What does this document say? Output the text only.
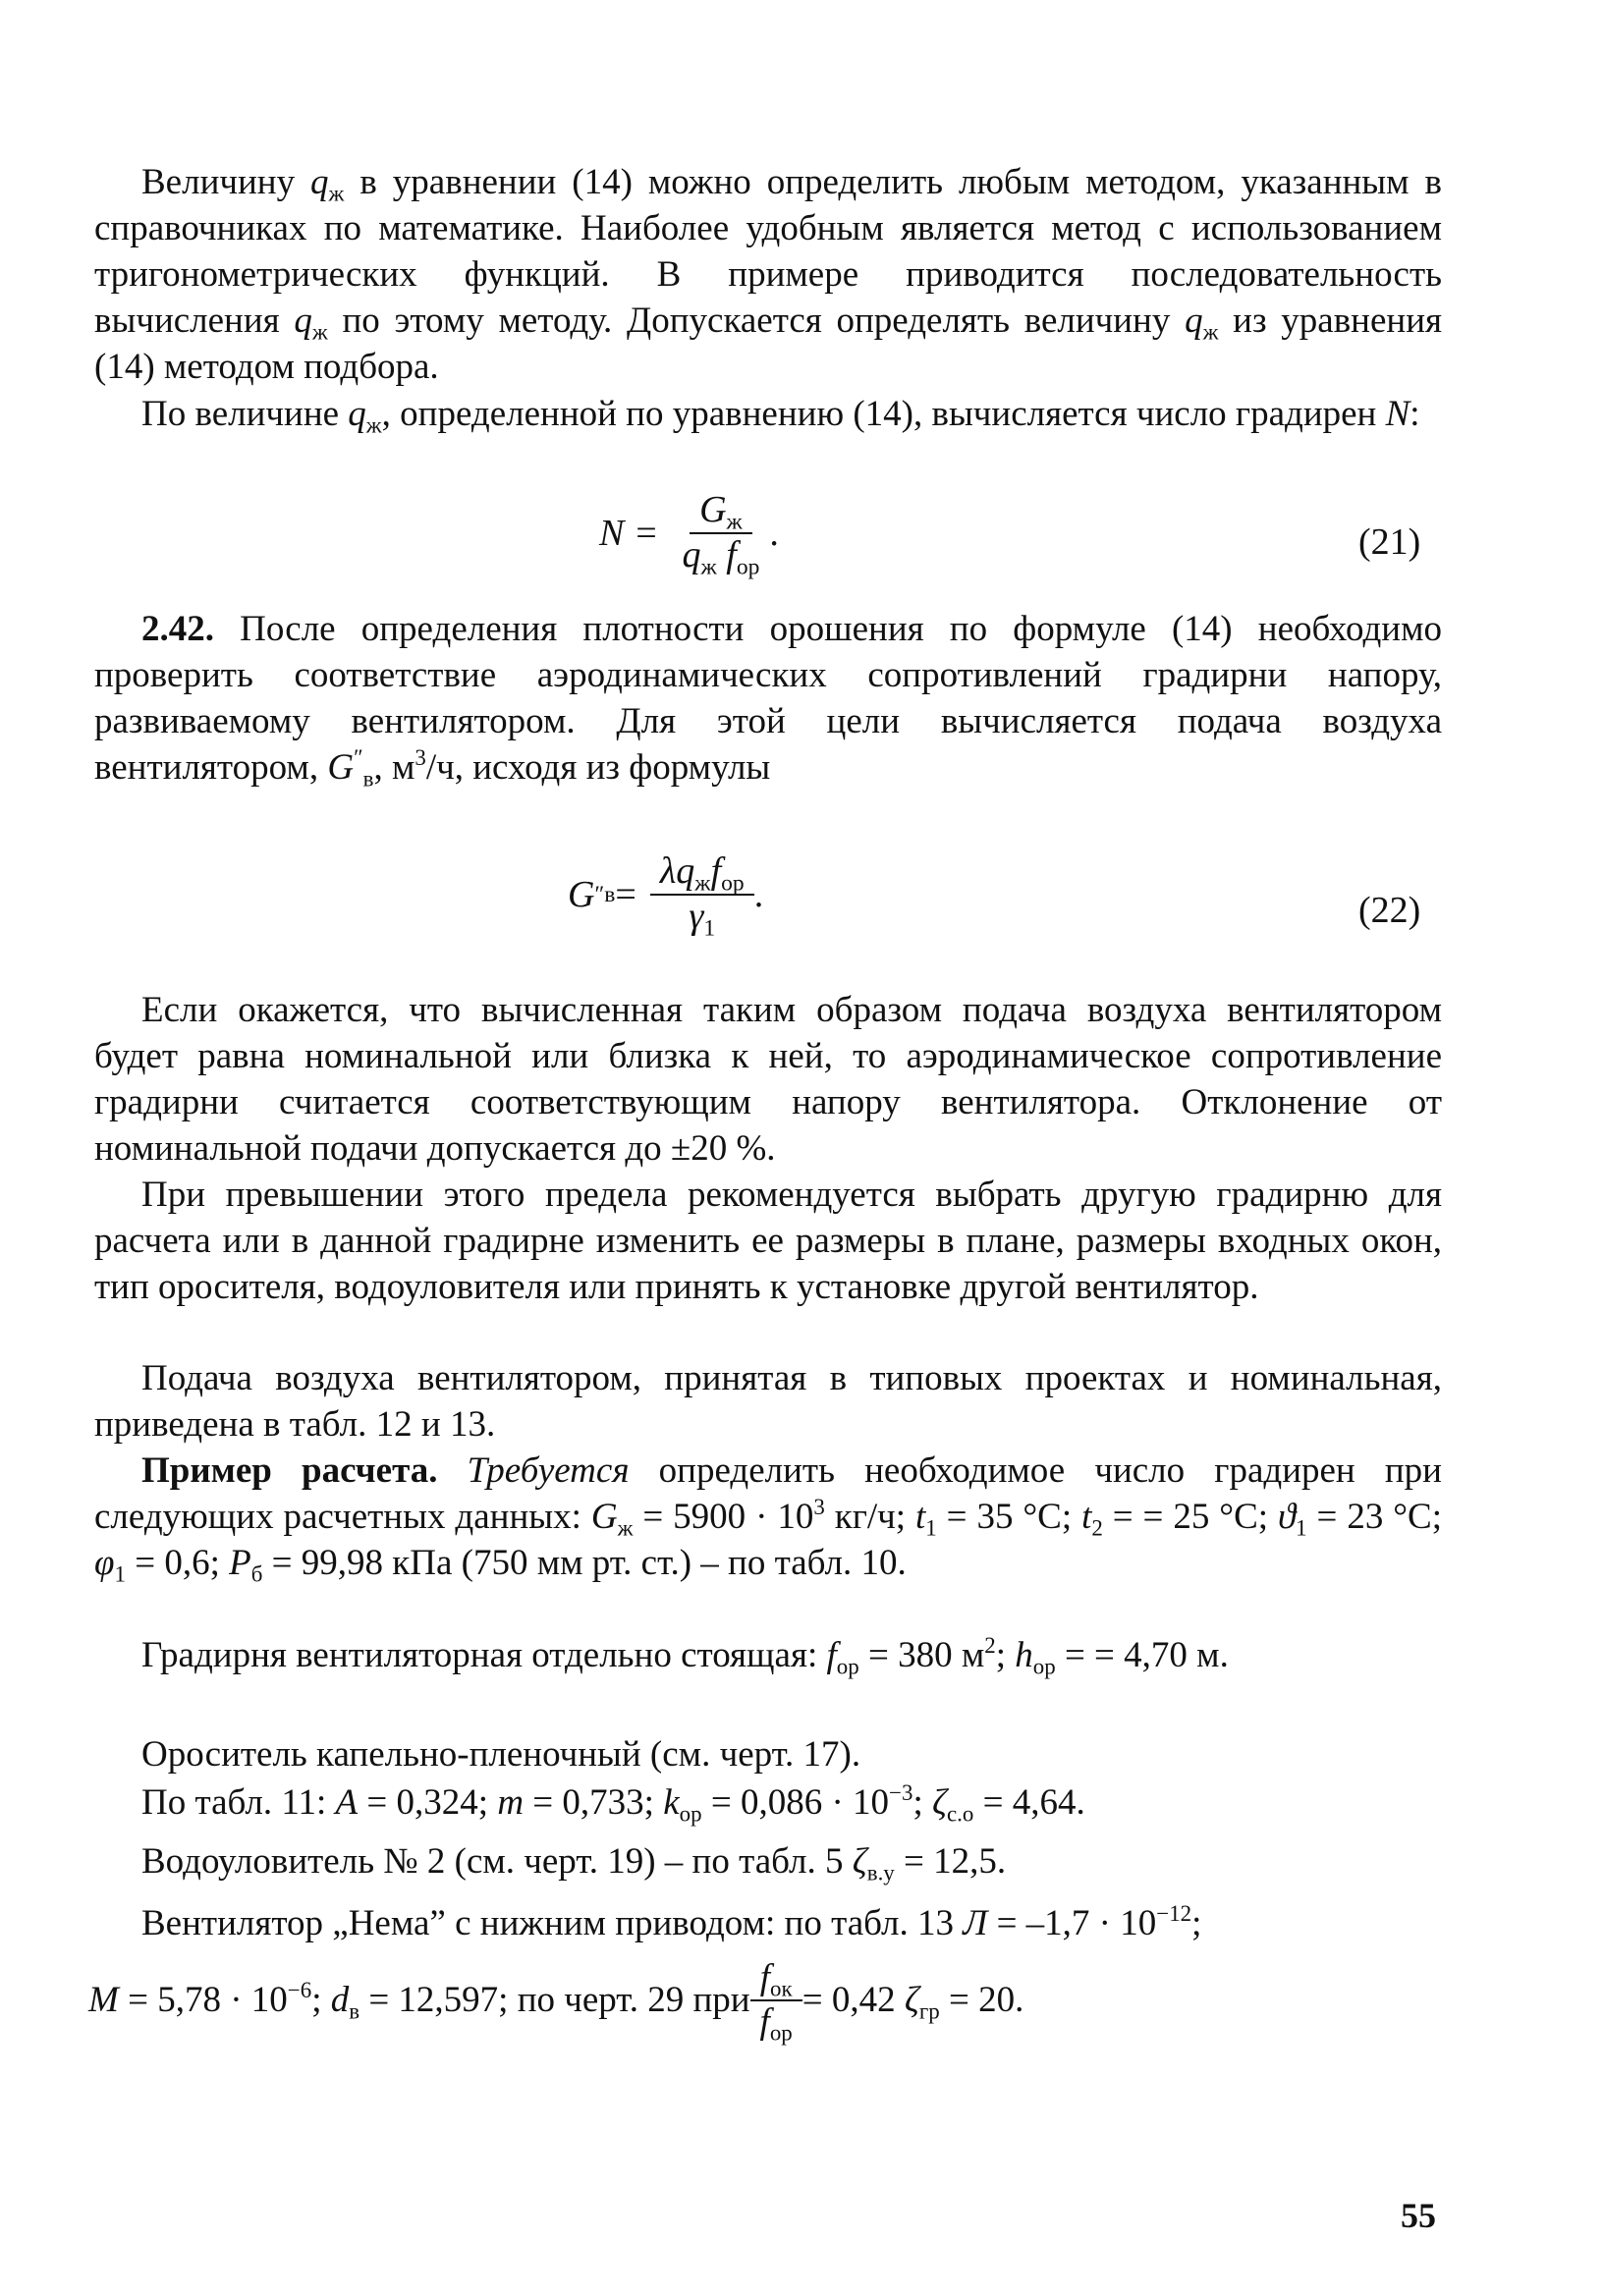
Величину $q_ж$ в уравнении (14) можно определить любым методом, указанным в справочниках по математике. Наиболее удобным является метод с использованием тригонометрических функций. В примере приводится последовательность вычисления $q_ж$ по этому методу. Допускается определять величину $q_ж$ из уравнения (14) методом подбора.

По величине $q_ж$, определенной по уравнению (14), вычисляется число градирен N:

$N = \frac{G_ж}{q_ж f_{ор}}$ .	(21)

2.42. После определения плотности орошения по формуле (14) необходимо проверить соответствие аэродинамических сопротивлений градирни напору, развиваемому вентилятором. Для этой цели вычисляется подача воздуха вентилятором, $G''_в$, $м^3/ч$, исходя из формулы

G ″ $в = \frac{\lambda q_жf_{ор}}{\gamma_1}$ .	(22)

Если окажется, что вычисленная таким образом подача воздуха вентилятором будет равна номинальной или близка к ней, то аэродинамическое сопротивление градирни считается соответствующим напору вентилятора. Отклонение от номинальной подачи допускается до ±20 %.

При превышении этого предела рекомендуется выбрать другую градирню для расчета или в данной градирне изменить ее размеры в плане, размеры входных окон, тип оросителя, водоуловителя или принять к установке другой вентилятор.

Подача воздуха вентилятором, принятая в типовых проектах и номинальная, приведена в табл. 12 и 13.

Пример расчета. Требуется определить необходимое число градирен при следующих расчетных данных: $G_ж = 5900 \cdot 10^3$ кг/ч; $t_1 = 35$ °С; $t_2$ = = 25 °С; $ϑ_1 = 23$ °С; $\varphi_1 = 0,6$; $P_б = 99,98$ кПа (750 мм рт. ст.) – по табл. 10.

Градирня вентиляторная отдельно стоящая: $f_{ор} = 380$ $м^2$; $h_{ор}$ = = 4,70 м.

Ороситель капельно-пленочный (см. черт. 17).

По табл. 11: A = 0,324; m = 0,733; $k_{ор} = 0,086 \cdot 10^{-3}$; $\zeta_{с.о} = 4,64$.

Водоуловитель № 2 (см. черт. 19) – по табл. 5 $\zeta_{в.у} = 12,5$.

Вентилятор „Нема” с нижним приводом: по табл. 13 $Л = -1,7 \cdot 10^{-12}$;

$M = 5,78 \cdot 10^{-6}$; $d_в = 12,597$; по черт. 29 при $\frac{f_{ок}}{f_{ор}} = 0,42$ $\zeta_{гр} = 20$.
55
